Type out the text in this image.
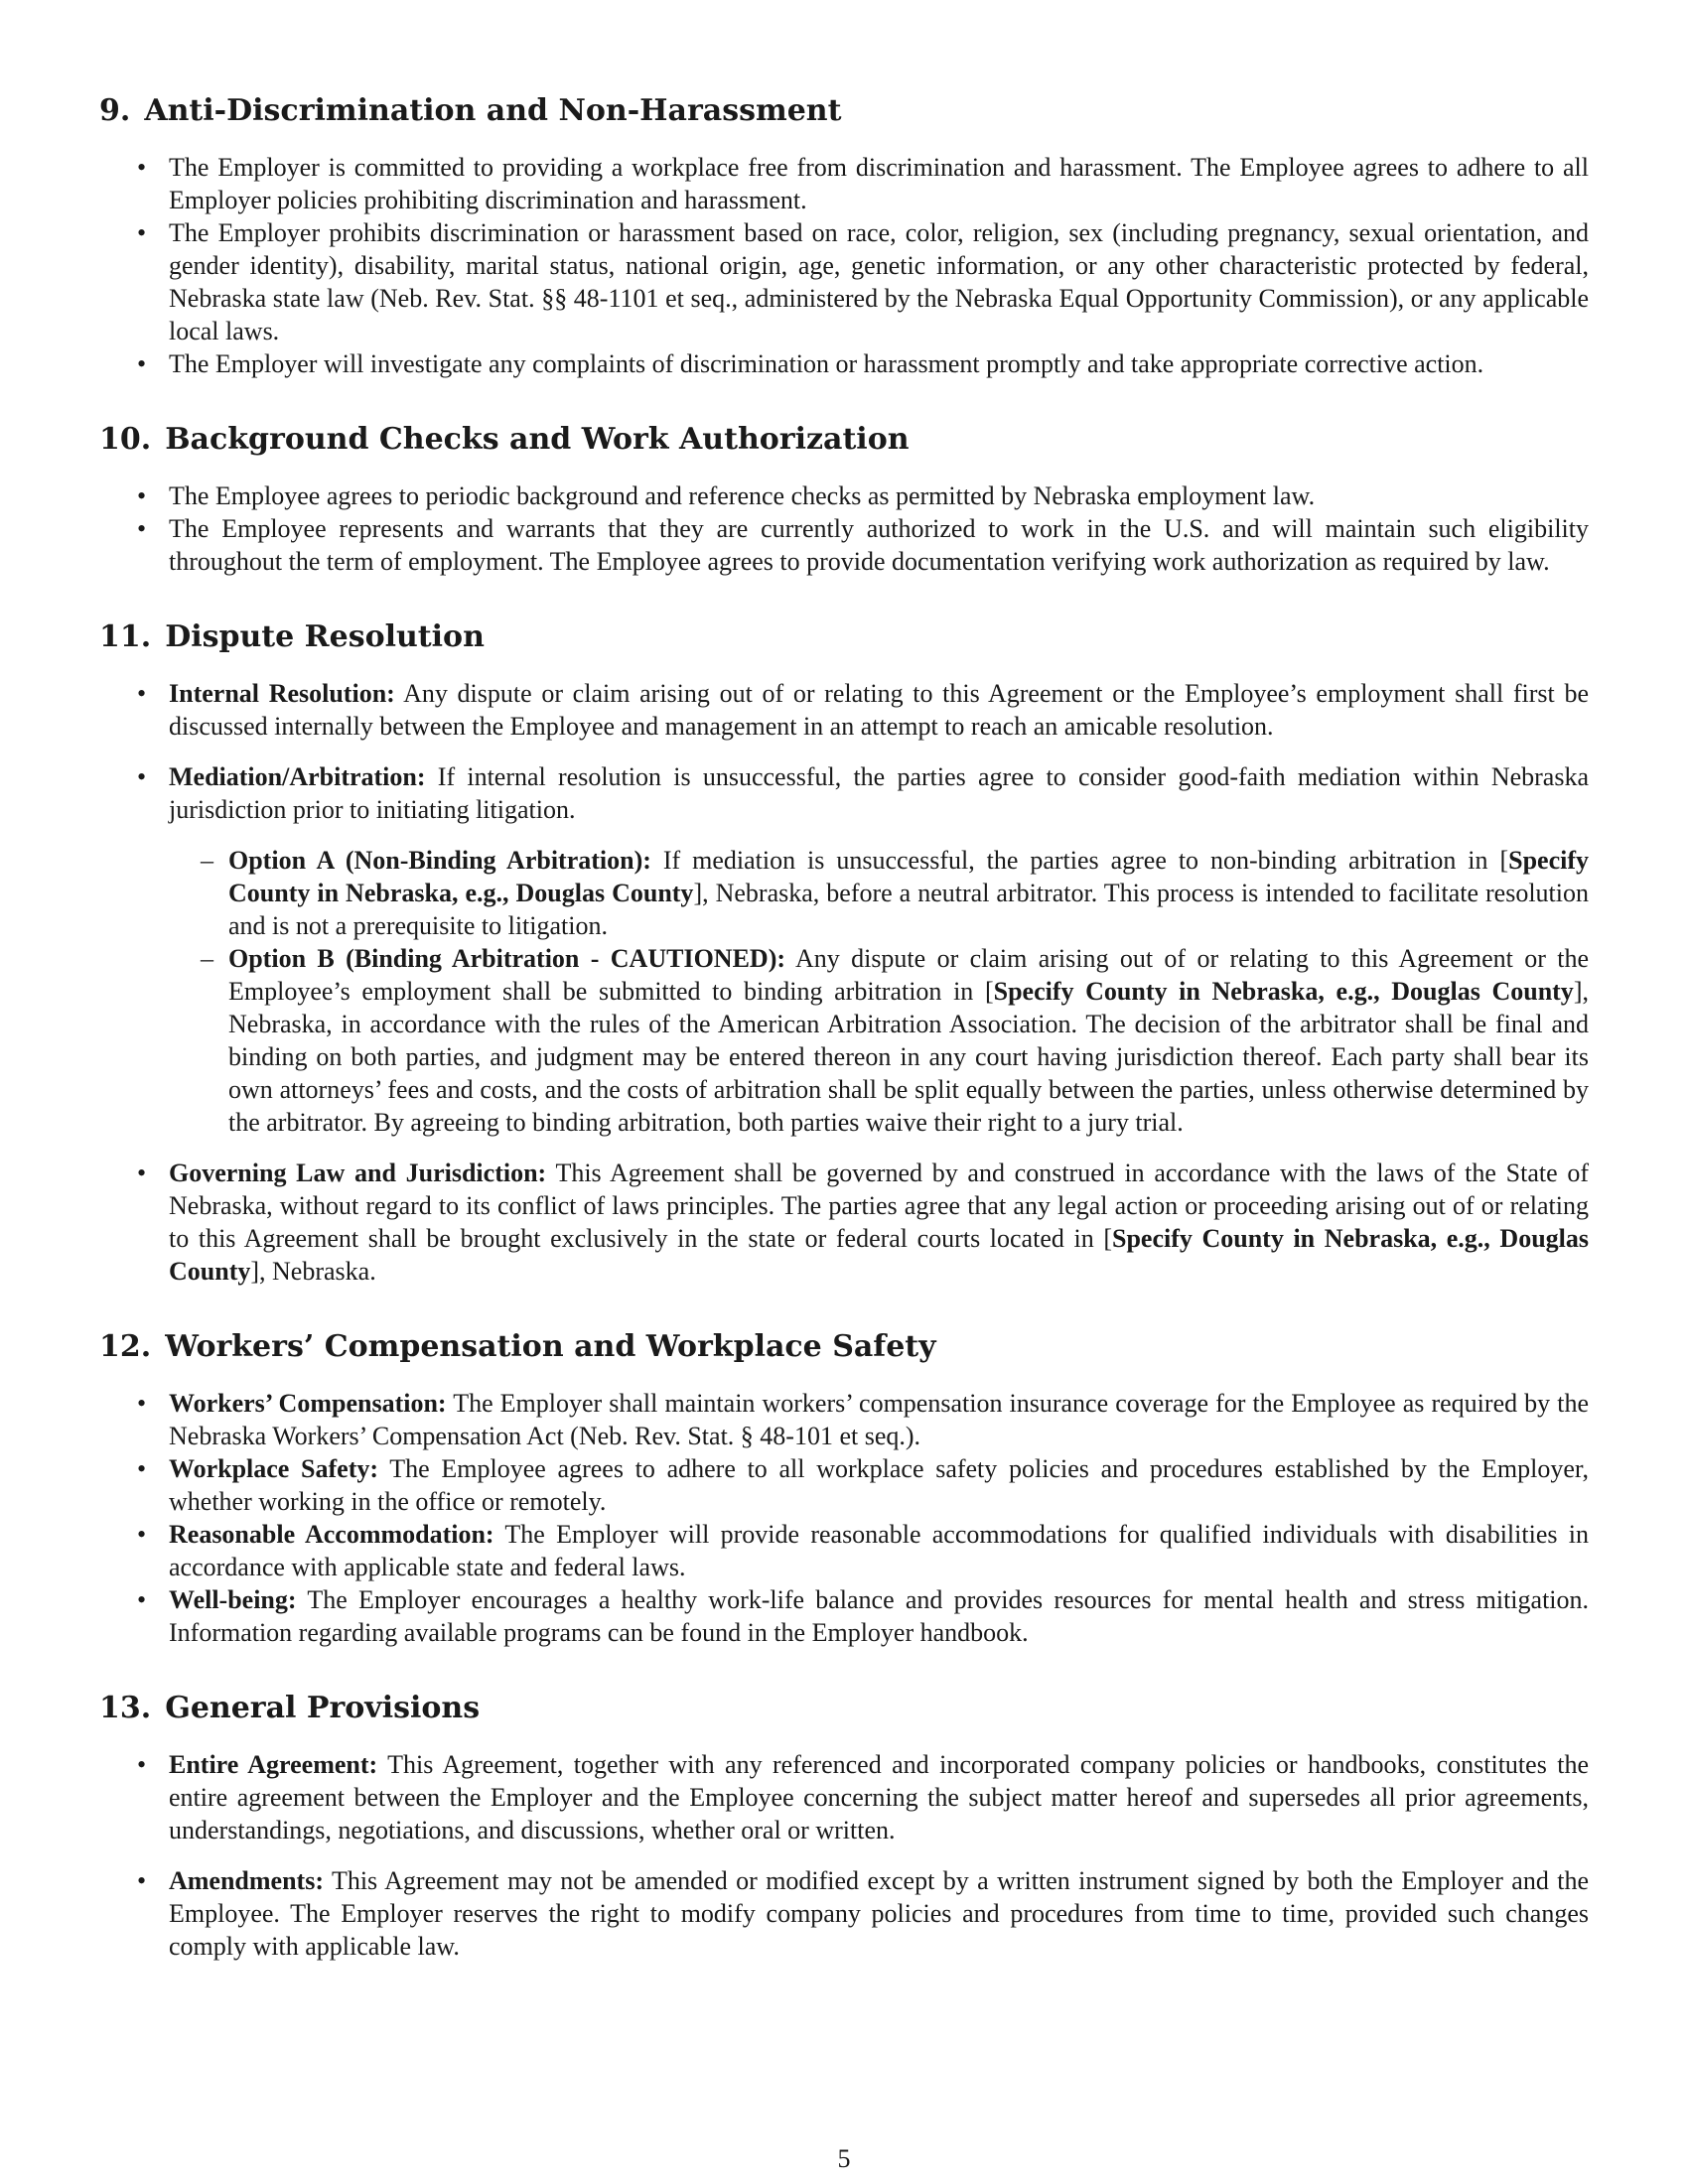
9. Anti-Discrimination and Non-Harassment
• The Employer is committed to providing a workplace free from discrimination and harassment. The Employee agrees to adhere to all Employer policies prohibiting discrimination and harassment.
• The Employer prohibits discrimination or harassment based on race, color, religion, sex (including pregnancy, sexual orientation, and gender identity), disability, marital status, national origin, age, genetic information, or any other characteristic protected by federal, Nebraska state law (Neb. Rev. Stat. §§ 48-1101 et seq., administered by the Nebraska Equal Opportunity Commission), or any applicable local laws.
• The Employer will investigate any complaints of discrimination or harassment promptly and take appropriate corrective action.
10. Background Checks and Work Authorization
• The Employee agrees to periodic background and reference checks as permitted by Nebraska employment law.
• The Employee represents and warrants that they are currently authorized to work in the U.S. and will maintain such eligibility throughout the term of employment. The Employee agrees to provide documentation verifying work authorization as required by law.
11. Dispute Resolution
• Internal Resolution: Any dispute or claim arising out of or relating to this Agreement or the Employee’s employment shall first be discussed internally between the Employee and management in an attempt to reach an amicable resolution.
• Mediation/Arbitration: If internal resolution is unsuccessful, the parties agree to consider good-faith mediation within Nebraska jurisdiction prior to initiating litigation.
– Option A (Non-Binding Arbitration): If mediation is unsuccessful, the parties agree to non-binding arbitration in [Specify County in Nebraska, e.g., Douglas County], Nebraska, before a neutral arbitrator. This process is intended to facilitate resolution and is not a prerequisite to litigation.
– Option B (Binding Arbitration - CAUTIONED): Any dispute or claim arising out of or relating to this Agreement or the Employee’s employment shall be submitted to binding arbitration in [Specify County in Nebraska, e.g., Douglas County], Nebraska, in accordance with the rules of the American Arbitration Association. The decision of the arbitrator shall be final and binding on both parties, and judgment may be entered thereon in any court having jurisdiction thereof. Each party shall bear its own attorneys’ fees and costs, and the costs of arbitration shall be split equally between the parties, unless otherwise determined by the arbitrator. By agreeing to binding arbitration, both parties waive their right to a jury trial.
• Governing Law and Jurisdiction: This Agreement shall be governed by and construed in accordance with the laws of the State of Nebraska, without regard to its conflict of laws principles. The parties agree that any legal action or proceeding arising out of or relating to this Agreement shall be brought exclusively in the state or federal courts located in [Specify County in Nebraska, e.g., Douglas County], Nebraska.
12. Workers’ Compensation and Workplace Safety
• Workers’ Compensation: The Employer shall maintain workers’ compensation insurance coverage for the Employee as required by the Nebraska Workers’ Compensation Act (Neb. Rev. Stat. § 48-101 et seq.).
• Workplace Safety: The Employee agrees to adhere to all workplace safety policies and procedures established by the Employer, whether working in the office or remotely.
• Reasonable Accommodation: The Employer will provide reasonable accommodations for qualified individuals with disabilities in accordance with applicable state and federal laws.
• Well-being: The Employer encourages a healthy work-life balance and provides resources for mental health and stress mitigation. Information regarding available programs can be found in the Employer handbook.
13. General Provisions
• Entire Agreement: This Agreement, together with any referenced and incorporated company policies or handbooks, constitutes the entire agreement between the Employer and the Employee concerning the subject matter hereof and supersedes all prior agreements, understandings, negotiations, and discussions, whether oral or written.
• Amendments: This Agreement may not be amended or modified except by a written instrument signed by both the Employer and the Employee. The Employer reserves the right to modify company policies and procedures from time to time, provided such changes comply with applicable law.
5
